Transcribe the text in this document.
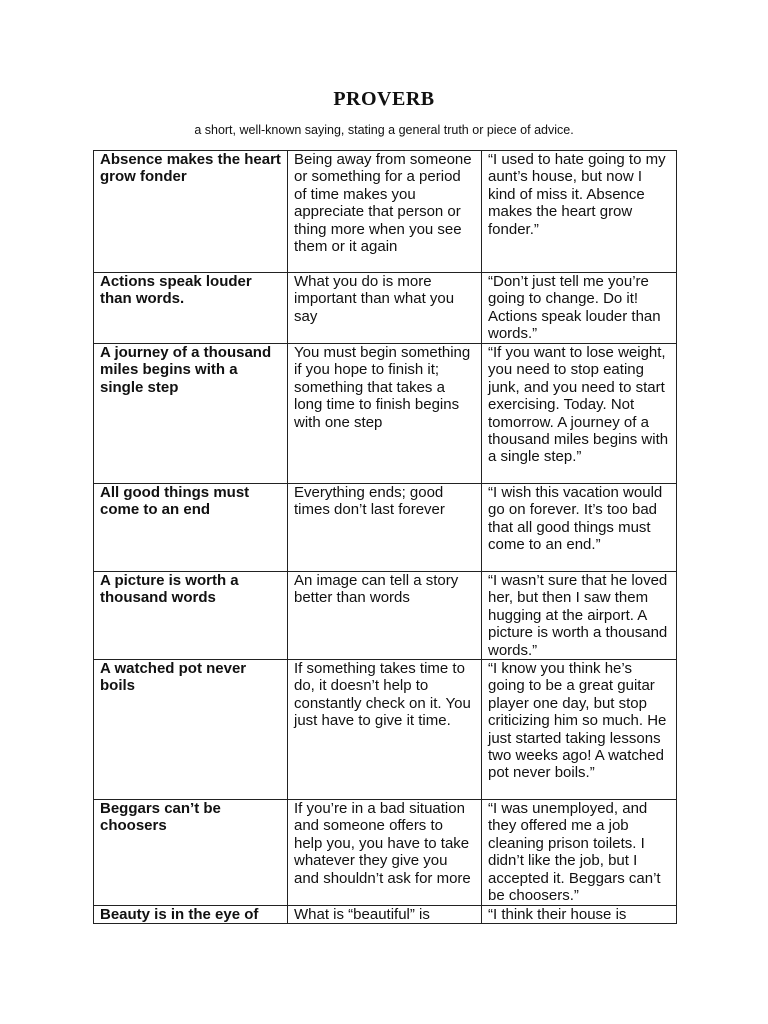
PROVERB
a short, well-known saying, stating a general truth or piece of advice.
Absence makes the heart grow fonder	Being away from someone or something for a period of time makes you appreciate that person or thing more when you see them or it again	“I used to hate going to my aunt’s house, but now I kind of miss it. Absence makes the heart grow fonder.”
Actions speak louder than words.	What you do is more important than what you say	“Don’t just tell me you’re going to change. Do it! Actions speak louder than words.”
A journey of a thousand miles begins with a single step	You must begin something if you hope to finish it; something that takes a long time to finish begins with one step	“If you want to lose weight, you need to stop eating junk, and you need to start exercising. Today. Not tomorrow. A journey of a thousand miles begins with a single step.”
All good things must come to an end	Everything ends; good times don’t last forever	“I wish this vacation would go on forever. It’s too bad that all good things must come to an end.”
A picture is worth a thousand words	An image can tell a story better than words	“I wasn’t sure that he loved her, but then I saw them hugging at the airport. A picture is worth a thousand words.”
A watched pot never boils	If something takes time to do, it doesn’t help to constantly check on it. You just have to give it time.	“I know you think he’s going to be a great guitar player one day, but stop criticizing him so much. He just started taking lessons two weeks ago! A watched pot never boils.”
Beggars can’t be choosers	If you’re in a bad situation and someone offers to help you, you have to take whatever they give you and shouldn’t ask for more	“I was unemployed, and they offered me a job cleaning prison toilets. I didn’t like the job, but I accepted it. Beggars can’t be choosers.”
Beauty is in the eye of	What is “beautiful” is	“I think their house is
